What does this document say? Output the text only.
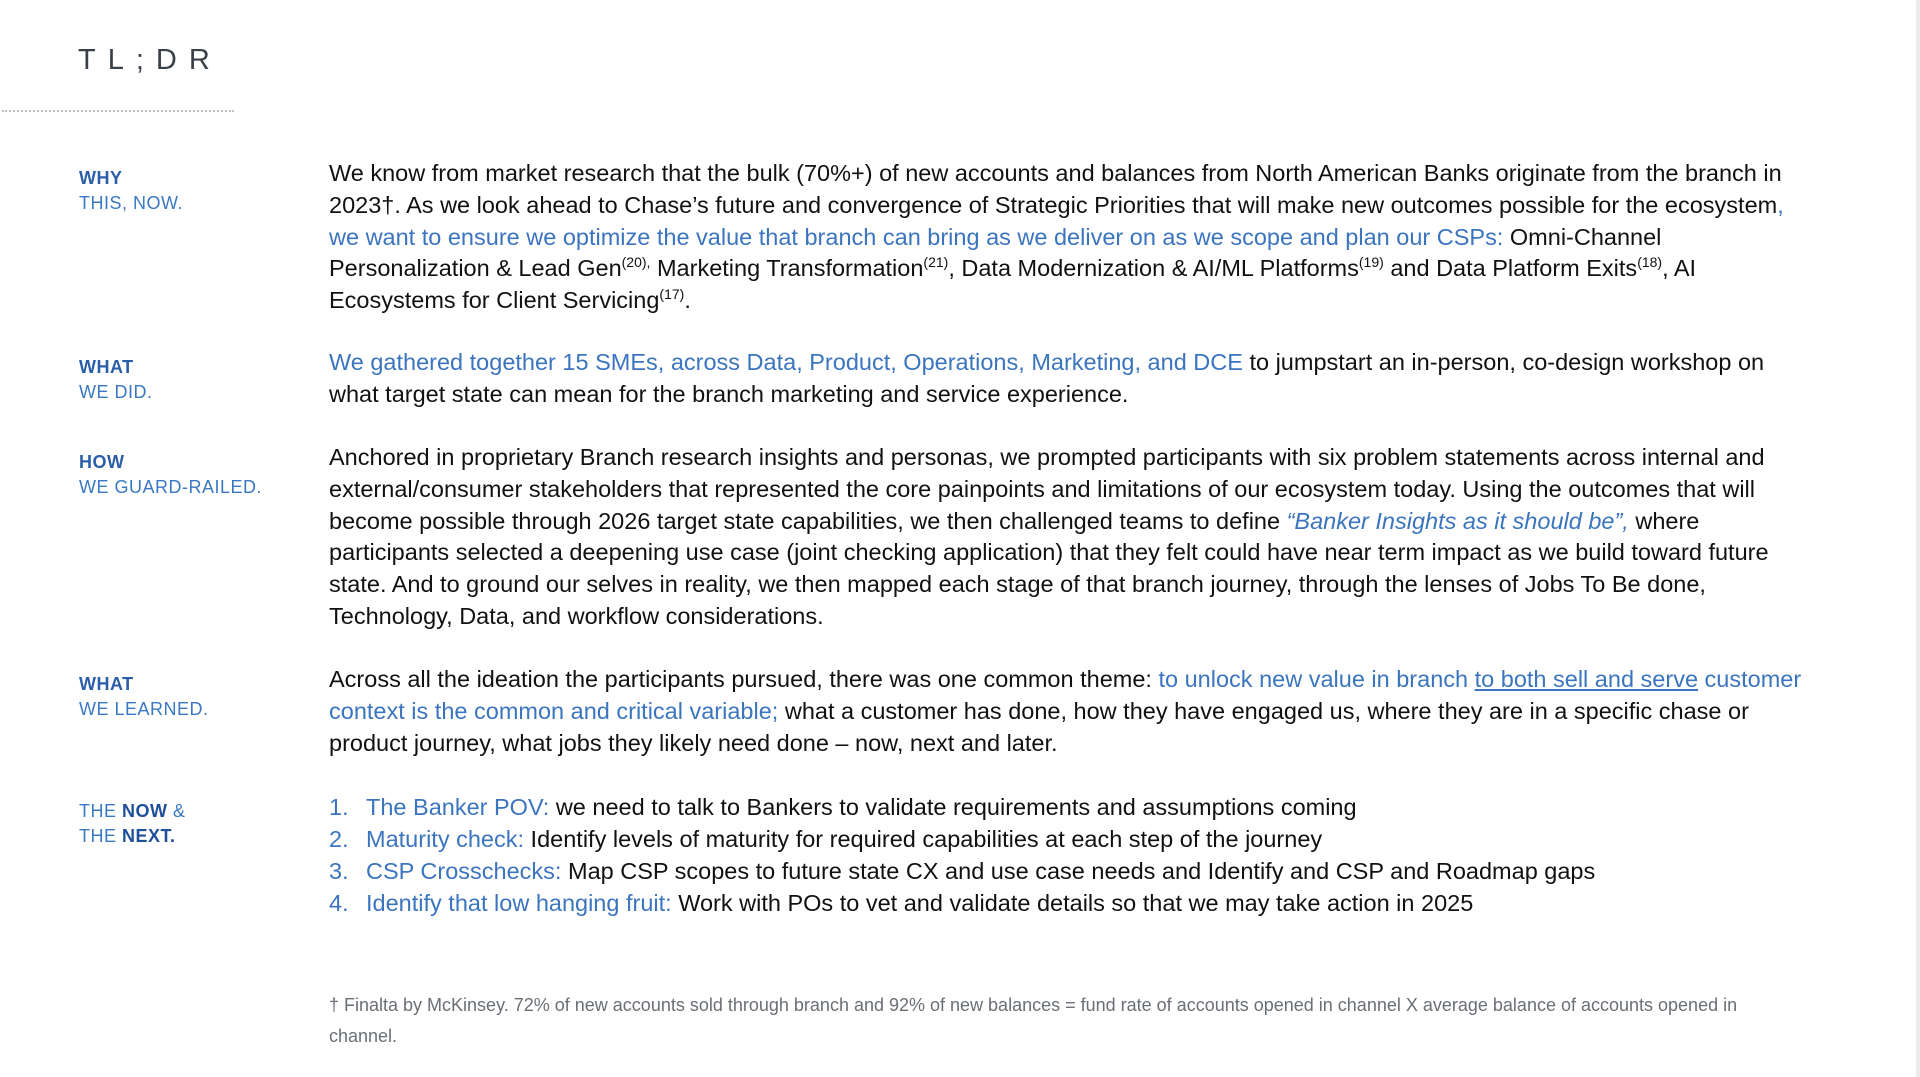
TL;DR
WHY
THIS, NOW.
We know from market research that the bulk (70%+) of new accounts and balances from North American Banks originate from the branch in 2023†. As we look ahead to Chase’s future and convergence of Strategic Priorities that will make new outcomes possible for the ecosystem, we want to ensure we optimize the value that branch can bring as we deliver on as we scope and plan our CSPs: Omni-Channel Personalization & Lead Gen$^{(20),}$ Marketing Transformation$^{(21)}$, Data Modernization & AI/ML Platforms$^{(19)}$ and Data Platform Exits$^{(18)}$, AI Ecosystems for Client Servicing$^{(17)}$.
WHAT
WE DID.
We gathered together 15 SMEs, across Data, Product, Operations, Marketing, and DCE to jumpstart an in-person, co-design workshop on what target state can mean for the branch marketing and service experience.
HOW
WE GUARD-RAILED.
Anchored in proprietary Branch research insights and personas, we prompted participants with six problem statements across internal and external/consumer stakeholders that represented the core painpoints and limitations of our ecosystem today. Using the outcomes that will become possible through 2026 target state capabilities, we then challenged teams to define “Banker Insights as it should be”, where participants selected a deepening use case (joint checking application) that they felt could have near term impact as we build toward future state. And to ground our selves in reality, we then mapped each stage of that branch journey, through the lenses of Jobs To Be done, Technology, Data, and workflow considerations.
WHAT
WE LEARNED.
Across all the ideation the participants pursued, there was one common theme: to unlock new value in branch to both sell and serve customer context is the common and critical variable; what a customer has done, how they have engaged us, where they are in a specific chase or product journey, what jobs they likely need done – now, next and later.
THE NOW &
THE NEXT.
1. The Banker POV: we need to talk to Bankers to validate requirements and assumptions coming
2. Maturity check: Identify levels of maturity for required capabilities at each step of the journey
3. CSP Crosschecks: Map CSP scopes to future state CX and use case needs and Identify and CSP and Roadmap gaps
4. Identify that low hanging fruit: Work with POs to vet and validate details so that we may take action in 2025
† Finalta by McKinsey. 72% of new accounts sold through branch and 92% of new balances = fund rate of accounts opened in channel X average balance of accounts opened in channel.
